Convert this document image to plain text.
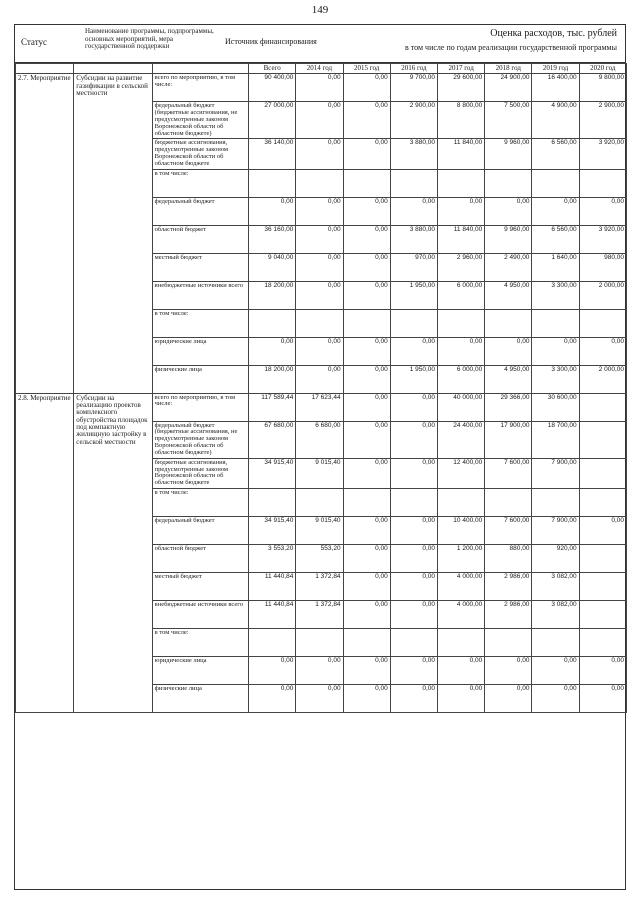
149
Статус
Наименование программы, подпрограммы, основных мероприятий, мера государственной поддержки
Источник финансирования
Оценка расходов, тыс. рублей
в том числе по годам реализации государственной программы
			Всего	2014 год	2015 год	2016 год	2017 год	2018 год	2019 год	2020 год
2.7. Мероприятие	Субсидии на развитие газификации в сельской местности	всего по мероприятию, в том числе:	90 400,00	0,00	0,00	9 700,00	29 600,00	24 900,00	16 400,00	9 800,00
		федеральный бюджет (бюджетные ассигнования, не предусмотренные законом Воронежской области об областном бюджете)	27 000,00	0,00	0,00	2 900,00	8 800,00	7 500,00	4 900,00	2 900,00
		бюджетные ассигнования, предусмотренные законом Воронежской области об областном бюджете	36 140,00	0,00	0,00	3 880,00	11 840,00	9 960,00	6 560,00	3 920,00
		в том числе:								
		федеральный бюджет	0,00	0,00	0,00	0,00	0,00	0,00	0,00	0,00
		областной бюджет	36 160,00	0,00	0,00	3 880,00	11 840,00	9 960,00	6 560,00	3 920,00
		местный бюджет	9 040,00	0,00	0,00	970,00	2 960,00	2 490,00	1 640,00	980,00
		внебюджетные источники всего	18 200,00	0,00	0,00	1 950,00	6 000,00	4 950,00	3 300,00	2 000,00
		в том числе:								
		юридические лица	0,00	0,00	0,00	0,00	0,00	0,00	0,00	0,00
		физические лица	18 200,00	0,00	0,00	1 950,00	6 000,00	4 950,00	3 300,00	2 000,00
2.8. Мероприятие	Субсидии на реализацию проектов комплексного обустройства площадок под компактную жилищную застройку в сельской местности	всего по мероприятию, в том числе:	117 589,44	17 623,44	0,00	0,00	40 000,00	29 366,00	30 600,00	
		федеральный бюджет (бюджетные ассигнования, не предусмотренные законом Воронежской области об областном бюджете)	67 680,00	6 680,00	0,00	0,00	24 400,00	17 900,00	18 700,00	
		бюджетные ассигнования, предусмотренные законом Воронежской области об областном бюджете	34 915,40	9 015,40	0,00	0,00	12 400,00	7 600,00	7 900,00	
		в том числе:								
		федеральный бюджет	34 915,40	9 015,40	0,00	0,00	10 400,00	7 600,00	7 900,00	0,00
		областной бюджет	3 553,20	553,20	0,00	0,00	1 200,00	880,00	920,00	
		местный бюджет	11 440,84	1 372,84	0,00	0,00	4 000,00	2 986,00	3 082,00	
		внебюджетные источники всего	11 440,84	1 372,84	0,00	0,00	4 000,00	2 986,00	3 082,00	
		в том числе:								
		юридические лица	0,00	0,00	0,00	0,00	0,00	0,00	0,00	0,00
		физические лица	0,00	0,00	0,00	0,00	0,00	0,00	0,00	0,00
